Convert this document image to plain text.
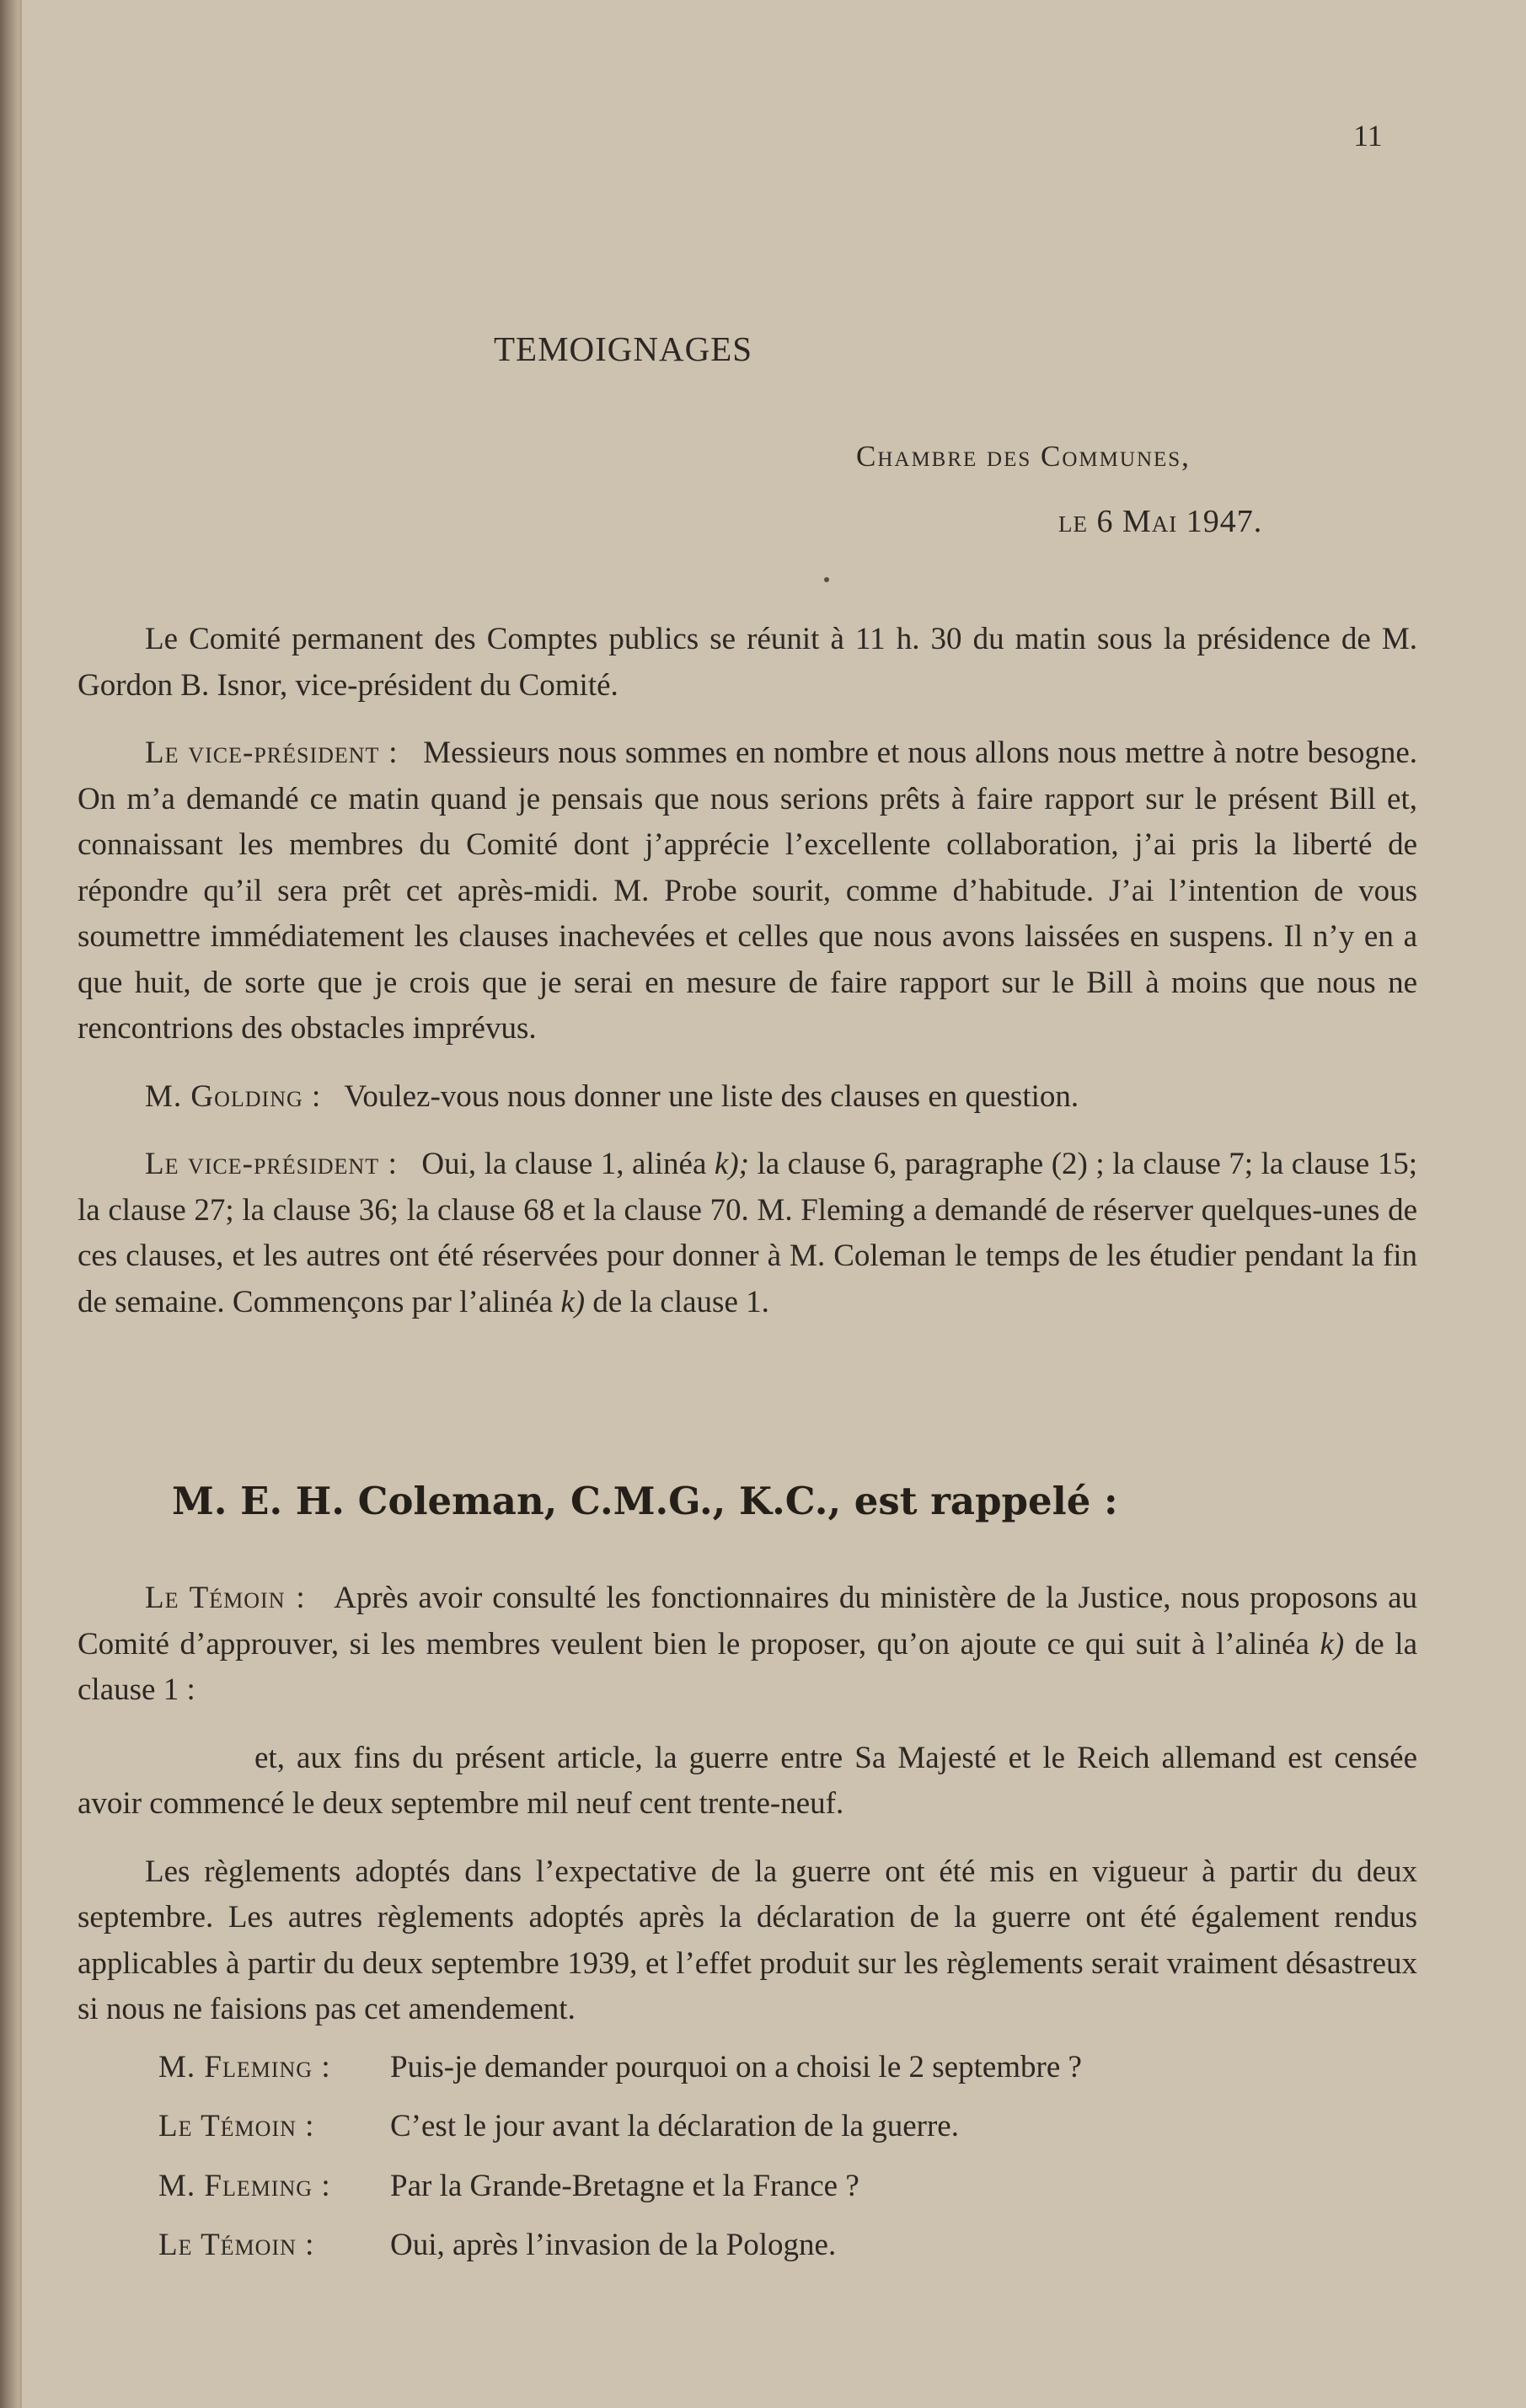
11
TEMOIGNAGES
Chambre des Communes,
le 6 Mai 1947.

Le Comité permanent des Comptes publics se réunit à 11 h. 30 du matin sous la présidence de M. Gordon B. Isnor, vice-président du Comité.

Le vice-président : Messieurs nous sommes en nombre et nous allons nous mettre à notre besogne. On m’a demandé ce matin quand je pensais que nous serions prêts à faire rapport sur le présent Bill et, connaissant les membres du Comité dont j’apprécie l’excellente collaboration, j’ai pris la liberté de répondre qu’il sera prêt cet après-midi. M. Probe sourit, comme d’habitude. J’ai l’intention de vous soumettre immédiatement les clauses inachevées et celles que nous avons laissées en suspens. Il n’y en a que huit, de sorte que je crois que je serai en mesure de faire rapport sur le Bill à moins que nous ne rencontrions des obstacles imprévus.

M. Golding : Voulez-vous nous donner une liste des clauses en question.

Le vice-président : Oui, la clause 1, alinéa k); la clause 6, paragraphe (2) ; la clause 7; la clause 15; la clause 27; la clause 36; la clause 68 et la clause 70. M. Fleming a demandé de réserver quelques-unes de ces clauses, et les autres ont été réservées pour donner à M. Coleman le temps de les étudier pendant la fin de semaine. Commençons par l’alinéa k) de la clause 1.

M. E. H. Coleman, C.M.G., K.C., est rappelé :

Le Témoin : Après avoir consulté les fonctionnaires du ministère de la Justice, nous proposons au Comité d’approuver, si les membres veulent bien le proposer, qu’on ajoute ce qui suit à l’alinéa k) de la clause 1 :

et, aux fins du présent article, la guerre entre Sa Majesté et le Reich allemand est censée avoir commencé le deux septembre mil neuf cent trente-neuf.

Les règlements adoptés dans l’expectative de la guerre ont été mis en vigueur à partir du deux septembre. Les autres règlements adoptés après la déclaration de la guerre ont été également rendus applicables à partir du deux septembre 1939, et l’effet produit sur les règlements serait vraiment désastreux si nous ne faisions pas cet amendement.

M. Fleming : Puis-je demander pourquoi on a choisi le 2 septembre ?

Le Témoin : C’est le jour avant la déclaration de la guerre.

M. Fleming : Par la Grande-Bretagne et la France ?

Le Témoin : Oui, après l’invasion de la Pologne.
